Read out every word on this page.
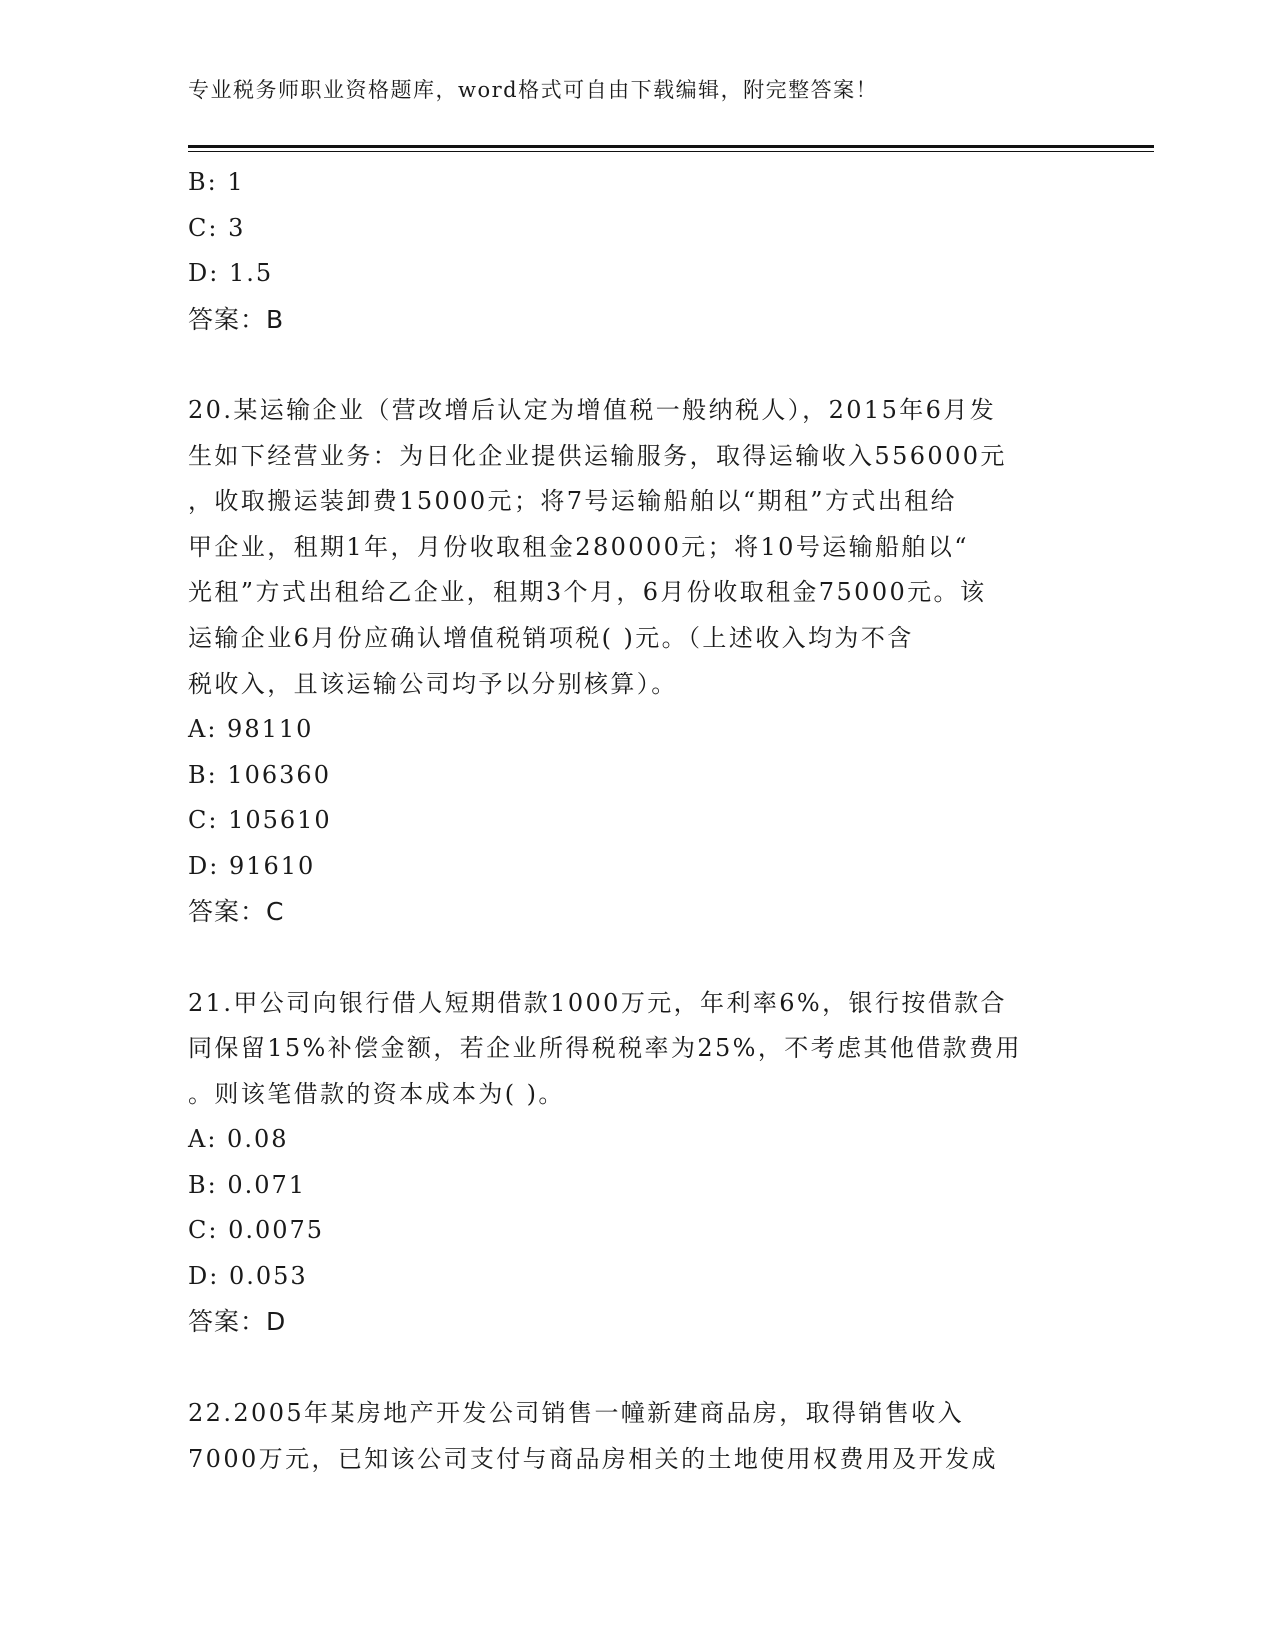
专业税务师职业资格题库，word格式可自由下载编辑，附完整答案！
B: 1
C: 3
D: 1.5
答案：B
20.某运输企业（营改增后认定为增值税一般纳税人），2015年6月发
生如下经营业务：为日化企业提供运输服务，取得运输收入556000元
，收取搬运装卸费15000元；将7号运输船舶以“期租”方式出租给
甲企业，租期1年，月份收取租金280000元；将10号运输船舶以“
光租”方式出租给乙企业，租期3个月，6月份收取租金75000元。该
运输企业6月份应确认增值税销项税( )元。（上述收入均为不含
税收入，且该运输公司均予以分别核算）。
A: 98110
B: 106360
C: 105610
D: 91610
答案：C
21.甲公司向银行借人短期借款1000万元，年利率6%，银行按借款合
同保留15%补偿金额，若企业所得税税率为25%，不考虑其他借款费用
。则该笔借款的资本成本为( )。
A: 0.08
B: 0.071
C: 0.0075
D: 0.053
答案：D
22.2005年某房地产开发公司销售一幢新建商品房，取得销售收入
7000万元，已知该公司支付与商品房相关的土地使用权费用及开发成
